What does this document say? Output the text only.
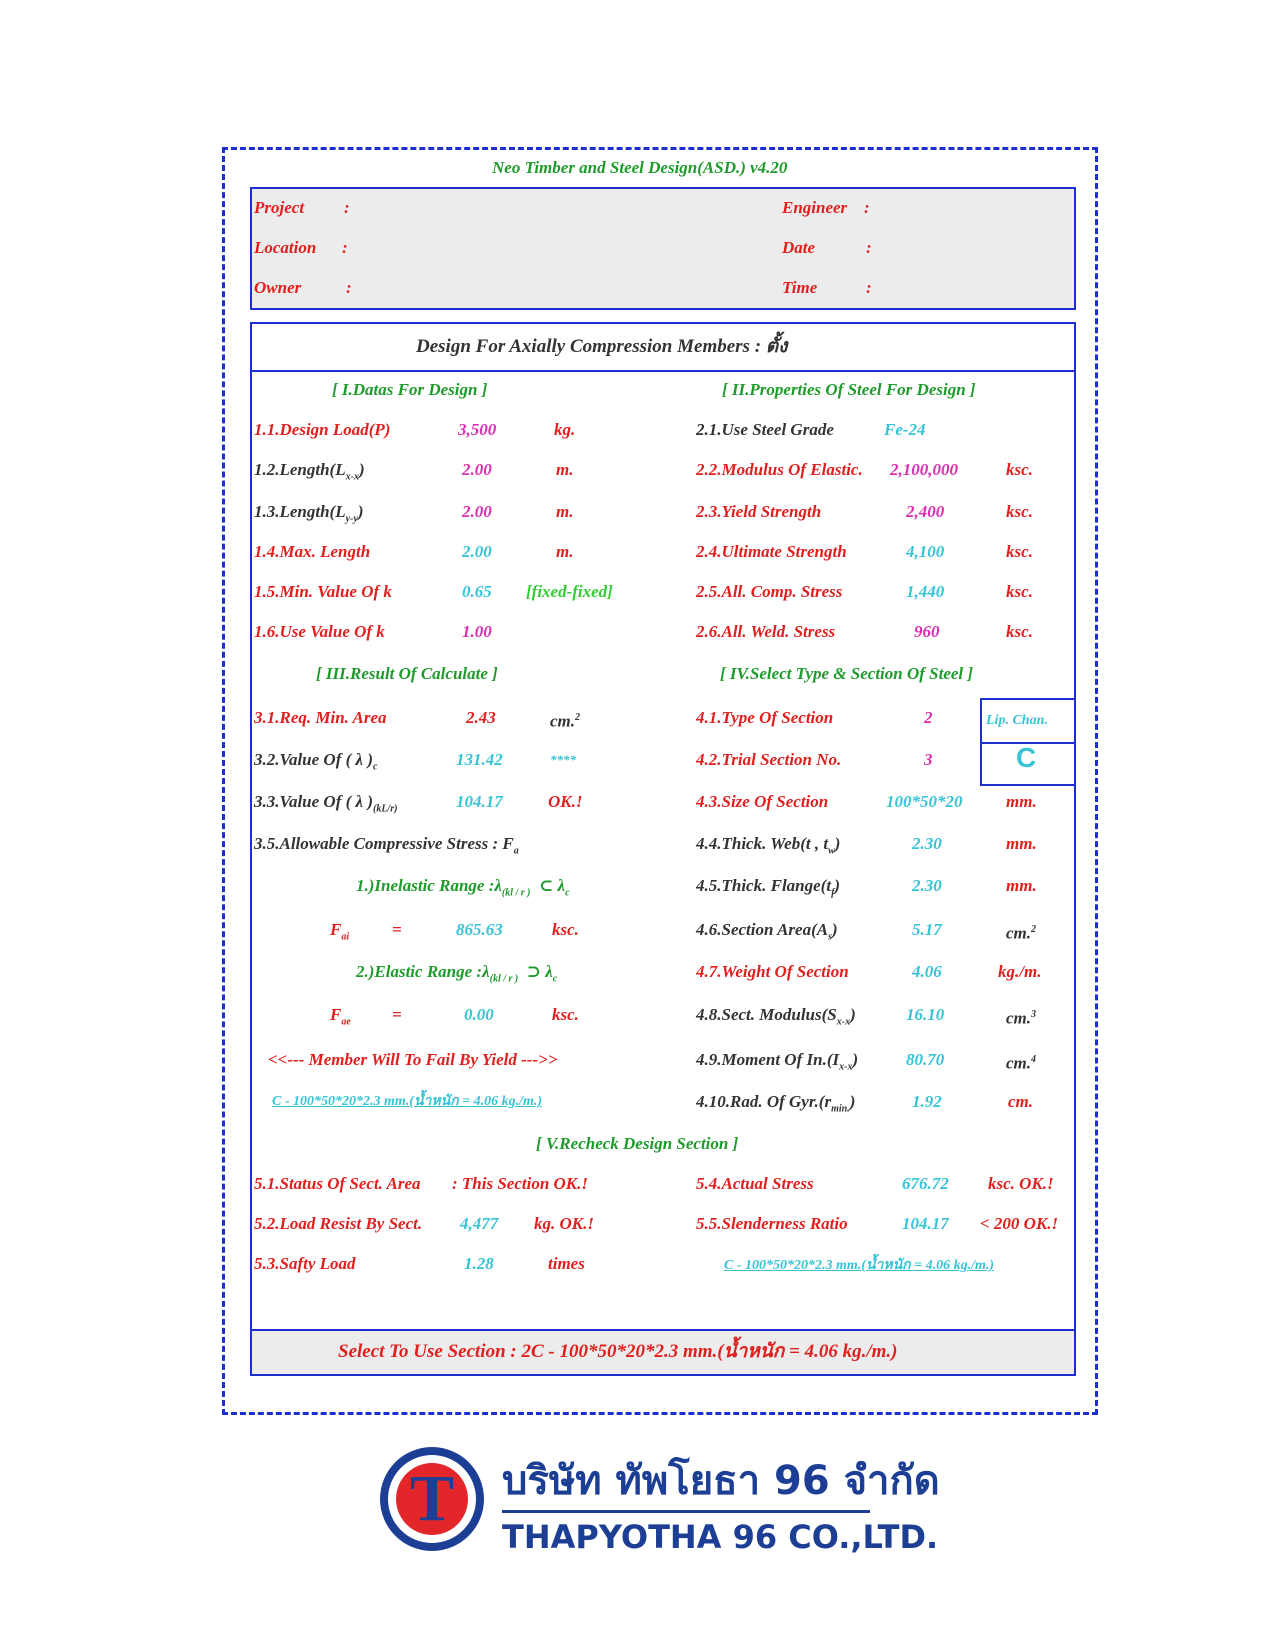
Neo Timber and Steel Design(ASD.) v4.20
Project :
Location :
Owner	:
Engineer :
Date	:
Time	:
Design For Axially Compression Members : ตั้ง
[ I.Datas For Design ]
1.1.Design Load(P)	3,500	kg.
$1.2.Length(L_{x-x})$	2.00	m.
$1.3.Length(L_{y-y})$	2.00	m.
1.4.Max. Length	2.00	m.
1.5.Min. Value Of k	0.65 [fixed-fixed]
1.6.Use Value Of k	1.00
[ II.Properties Of Steel For Design ]
2.1.Use Steel Grade	Fe-24
2.2.Modulus Of Elastic. 2,100,000	ksc.
2.3.Yield Strength	2,400	ksc.
2.4.Ultimate Strength	4,100	ksc.
2.5.All. Comp. Stress	1,440	ksc.
2.6.All. Weld. Stress	960	ksc.
[ III.Result Of Calculate ]
3.1.Req. Min. Area	2.43	cm.$^2$
3.2.Value Of ( λ )$_c$	131.42	****
3.3.Value Of ( λ )$_{(kL/r)}$	104.17	OK.!
3.5.Allowable Compressive Stress : $F_a$
1.)Inelastic Range $:\lambda_{(kl / r )}$ ⊂ $\lambda_c$
$F_{ai}$	=	865.63	ksc.
2.)Elastic Range $:\lambda_{(kl / r )}$ ⊃ $\lambda_c$
$F_{ae}$ =	0.00	ksc.
<<--- Member Will To Fail By Yield --->>
C - 100*50*20*2.3 mm.(น้ำหนัก = 4.06 kg./m.)
[ IV.Select Type & Section Of Steel ]
Lip. Chan.
C
4.1.Type Of Section	2
4.2.Trial Section No.	3
4.3.Size Of Section	100*50*20	mm.
4.4.Thick. Web(t , $t_w$)	2.30	mm.
4.5.Thick. $Flange(t_f)$	2.30	mm.
4.6.Section $Area(A_s)$	5.17	cm.$^2$
4.7.Weight Of Section	4.06	kg./m.
4.8.Sect. $Modulus(S_{x-x})$	16.10	cm.$^3$
4.9.Moment Of $In.(I_{x-x})$	80.70	cm.$^4$
4.10.Rad. Of $Gyr.(r_{min.})$	1.92	cm.
[ V.Recheck Design Section ]
5.1.Status Of Sect. Area : This Section OK.!
5.2.Load Resist By Sect. 4,477 kg. OK.!
5.3.Safty Load	1.28	times
5.4.Actual Stress	676.72 ksc. OK.!
5.5.Slenderness Ratio	104.17 < 200 OK.!
C - 100*50*20*2.3 mm.(น้ำหนัก = 4.06 kg./m.)
Select To Use Section : 2C - 100*50*20*2.3 mm.(น้ำหนัก = 4.06 kg./m.)
T	บริษัท ทัพโยธา 96 จำกัด
THAPYOTHA 96 CO.,LTD.
